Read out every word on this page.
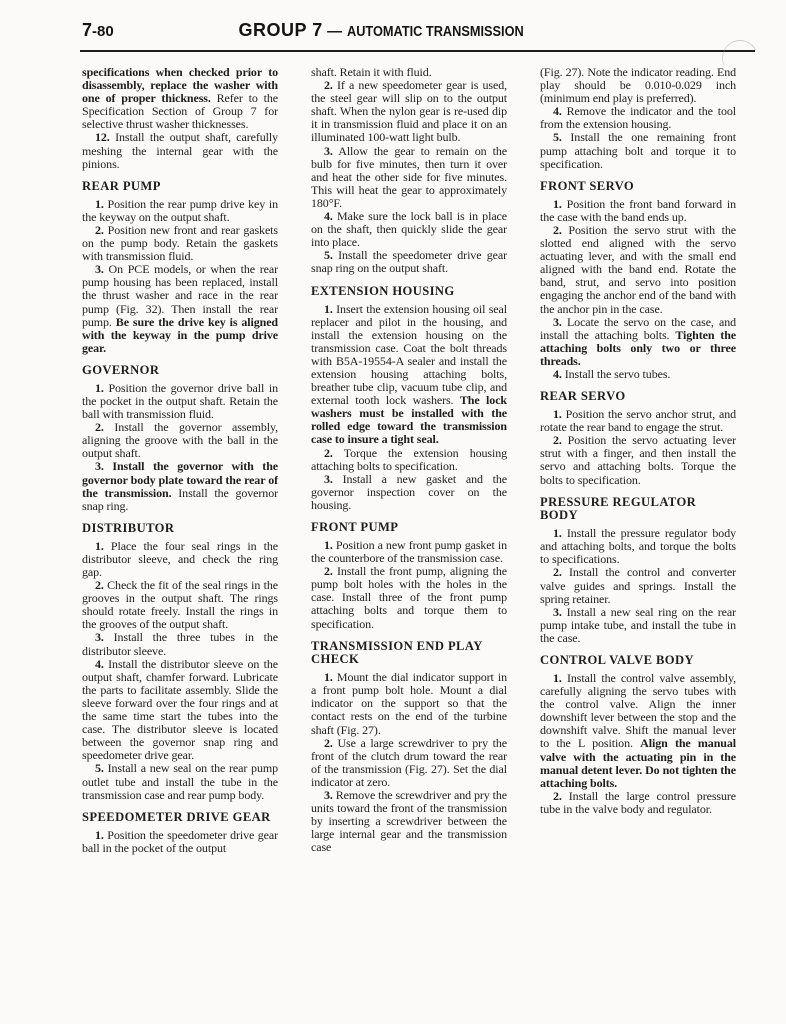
7-80	GROUP 7 — AUTOMATIC TRANSMISSION

specifications when checked prior to disassembly, replace the washer with one of proper thickness. Refer to the Specification Section of Group 7 for selective thrust washer thicknesses.

12. Install the output shaft, carefully meshing the internal gear with the pinions.

REAR PUMP

1. Position the rear pump drive key in the keyway on the output shaft.

2. Position new front and rear gaskets on the pump body. Retain the gaskets with transmission fluid.

3. On PCE models, or when the rear pump housing has been replaced, install the thrust washer and race in the rear pump (Fig. 32). Then install the rear pump. Be sure the drive key is aligned with the keyway in the pump drive gear.

GOVERNOR

1. Position the governor drive ball in the pocket in the output shaft. Retain the ball with transmission fluid.

2. Install the governor assembly, aligning the groove with the ball in the output shaft.

3. Install the governor with the governor body plate toward the rear of the transmission. Install the governor snap ring.

DISTRIBUTOR

1. Place the four seal rings in the distributor sleeve, and check the ring gap.

2. Check the fit of the seal rings in the grooves in the output shaft. The rings should rotate freely. Install the rings in the grooves of the output shaft.

3. Install the three tubes in the distributor sleeve.

4. Install the distributor sleeve on the output shaft, chamfer forward. Lubricate the parts to facilitate assembly. Slide the sleeve forward over the four rings and at the same time start the tubes into the case. The distributor sleeve is located between the governor snap ring and speedometer drive gear.

5. Install a new seal on the rear pump outlet tube and install the tube in the transmission case and rear pump body.

SPEEDOMETER DRIVE GEAR

1. Position the speedometer drive gear ball in the pocket of the output

shaft. Retain it with fluid.

2. If a new speedometer gear is used, the steel gear will slip on to the output shaft. When the nylon gear is re-used dip it in transmission fluid and place it on an illuminated 100-watt light bulb.

3. Allow the gear to remain on the bulb for five minutes, then turn it over and heat the other side for five minutes. This will heat the gear to approximately 180°F.

4. Make sure the lock ball is in place on the shaft, then quickly slide the gear into place.

5. Install the speedometer drive gear snap ring on the output shaft.

EXTENSION HOUSING

1. Insert the extension housing oil seal replacer and pilot in the housing, and install the extension housing on the transmission case. Coat the bolt threads with B5A-19554-A sealer and install the extension housing attaching bolts, breather tube clip, vacuum tube clip, and external tooth lock washers. The lock washers must be installed with the rolled edge toward the transmission case to insure a tight seal.

2. Torque the extension housing attaching bolts to specification.

3. Install a new gasket and the governor inspection cover on the housing.

FRONT PUMP

1. Position a new front pump gasket in the counterbore of the transmission case.

2. Install the front pump, aligning the pump bolt holes with the holes in the case. Install three of the front pump attaching bolts and torque them to specification.

TRANSMISSION END PLAY CHECK

1. Mount the dial indicator support in a front pump bolt hole. Mount a dial indicator on the support so that the contact rests on the end of the turbine shaft (Fig. 27).

2. Use a large screwdriver to pry the front of the clutch drum toward the rear of the transmission (Fig. 27). Set the dial indicator at zero.

3. Remove the screwdriver and pry the units toward the front of the transmission by inserting a screwdriver between the large internal gear and the transmission case

(Fig. 27). Note the indicator reading. End play should be 0.010-0.029 inch (minimum end play is preferred).

4. Remove the indicator and the tool from the extension housing.

5. Install the one remaining front pump attaching bolt and torque it to specification.

FRONT SERVO

1. Position the front band forward in the case with the band ends up.

2. Position the servo strut with the slotted end aligned with the servo actuating lever, and with the small end aligned with the band end. Rotate the band, strut, and servo into position engaging the anchor end of the band with the anchor pin in the case.

3. Locate the servo on the case, and install the attaching bolts. Tighten the attaching bolts only two or three threads.

4. Install the servo tubes.

REAR SERVO

1. Position the servo anchor strut, and rotate the rear band to engage the strut.

2. Position the servo actuating lever strut with a finger, and then install the servo and attaching bolts. Torque the bolts to specification.

PRESSURE REGULATOR BODY

1. Install the pressure regulator body and attaching bolts, and torque the bolts to specifications.

2. Install the control and converter valve guides and springs. Install the spring retainer.

3. Install a new seal ring on the rear pump intake tube, and install the tube in the case.

CONTROL VALVE BODY

1. Install the control valve assembly, carefully aligning the servo tubes with the control valve. Align the inner downshift lever between the stop and the downshift valve. Shift the manual lever to the L position. Align the manual valve with the actuating pin in the manual detent lever. Do not tighten the attaching bolts.

2. Install the large control pressure tube in the valve body and regulator.
